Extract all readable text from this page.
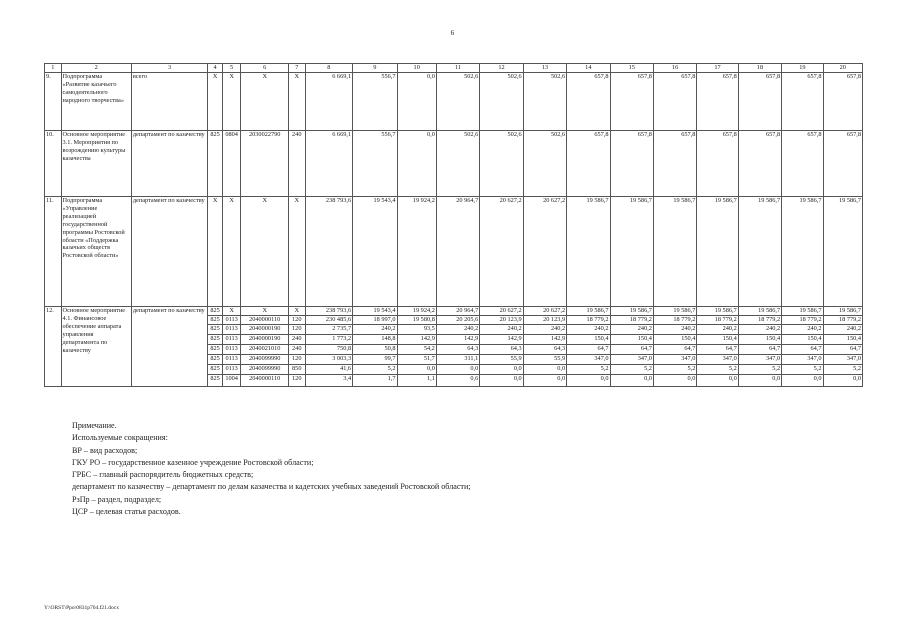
6
1	2	3	4	5	6	7	8	9	10	11	12	13	14	15	16	17	18	19	20
9.	Подпрограмма «Развитие казачьего самодеятельного народного творчества»	всего	Х	Х	Х	Х	6 669,1	556,7	0,0	502,6	502,6	502,6	657,8	657,8	657,8	657,8	657,8	657,8	657,8
10.	Основное мероприятие 3.1. Мероприятия по возрождению культуры казачества	департамент по казачеству	825	0804	2030022790	240	6 669,1	556,7	0,0	502,6	502,6	502,6	657,8	657,8	657,8	657,8	657,8	657,8	657,8
11.	Подпрограмма «Управление реализацией государственной программы Ростовской области «Поддержка казачьих обществ Ростовской области»	департамент по казачеству	Х	Х	Х	Х	238 793,6	19 543,4	19 924,2	20 964,7	20 627,2	20 627,2	19 586,7	19 586,7	19 586,7	19 586,7	19 586,7	19 586,7	19 586,7
12.	Основное мероприятие 4.1. Финансовое обеспечение аппарата управления департамента по казачеству	департамент по казачеству	825	Х	Х	Х	238 793,6	19 543,4	19 924,2	20 964,7	20 627,2	20 627,2	19 586,7	19 586,7	19 586,7	19 586,7	19 586,7	19 586,7	19 586,7
			825	0113	2040000110	120	230 485,6	18 997,0	19 580,8	20 205,6	20 123,9	20 123,9	18 779,2	18 779,2	18 779,2	18 779,2	18 779,2	18 779,2	18 779,2
			825	0113	2040000190	120	2 735,7	240,2	93,5	240,2	240,2	240,2	240,2	240,2	240,2	240,2	240,2	240,2	240,2
			825	0113	2040000190	240	1 773,2	148,8	142,9	142,9	142,9	142,9	150,4	150,4	150,4	150,4	150,4	150,4	150,4
			825	0113	2040021010	240	750,8	50,8	54,2	64,3	64,3	64,3	64,7	64,7	64,7	64,7	64,7	64,7	64,7
			825	0113	2040099990	120	3 003,3	99,7	51,7	311,1	55,9	55,9	347,0	347,0	347,0	347,0	347,0	347,0	347,0
			825	0113	2040099990	850	41,6	5,2	0,0	0,0	0,0	0,0	5,2	5,2	5,2	5,2	5,2	5,2	5,2
			825	1004	2040000110	120	3,4	1,7	1,1	0,6	0,0	0,0	0,0	0,0	0,0	0,0	0,0	0,0	0,0
Примечание.
Используемые сокращения:
ВР – вид расходов;
ГКУ РО – государственное казенное учреждение Ростовской области;
ГРБС – главный распорядитель бюджетных средств;
департамент по казачеству – департамент по делам казачества и кадетских учебных заведений Ростовской области;
РзПр – раздел, подраздел;
ЦСР – целевая статья расходов.
Y:\ORST\Ppo\0831p704.f21.docx
